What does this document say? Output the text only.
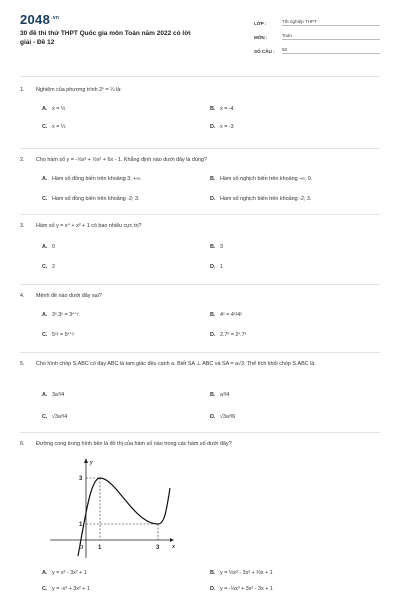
$2048^{.vn}$
30 đề thi thử THPT Quốc gia môn Toán năm 2022 có lời giải - Đề 12
LỚP :	Tốt nghiệp THPT
MÔN :	Toán
SỐ CÂU :	50
1.	Nghiệm của phương trình 2ˣ = ¼ là:
A. x = ½	B. x = -4
C. x = ¼	D. x = -3
2.	Cho hàm số y = -⅓x³ + ½x² + 6x - 1. Khẳng định nào dưới đây là đúng?
A. Hàm số đồng biến trên khoảng 3; +∞.	B. Hàm số nghịch biến trên khoảng -∞; 0.
C. Hàm số đồng biến trên khoảng -2; 3.	D. Hàm số nghịch biến trên khoảng -2; 3.
3.	Hàm số y = x⁴ + x² + 1 có bao nhiêu cực trị?
A. 0	B. 3
C. 2	D. 1
4.	Mệnh đề nào dưới đây sai?
A. 3ˣ.3ʸ = 3ˣ⁺ʸ.	B. 4ˣ = 4ˣ/4ʸ
C. 5ˣʸ = 5ˣ⁺ʸ	D. 2.7ˣ = 2ˣ.7ˣ
5.	Cho hình chóp S.ABC có đáy ABC là tam giác đều cạnh a. Biết SA ⊥ ABC và SA = a√3. Thể tích khối chóp S.ABC là:
A. 3a³/4	B. a³/4
C. √3a³/4	D. √3a³/6
6.	Đường cong trong hình bên là đồ thị của hàm số nào trong các hàm số dưới đây?
y
x
O 1	3
3
1
A. y = x³ - 3x² + 1	B. y = ⅓x³ - 3x² + ⅔x + 1
C. y = -x³ + 3x² + 1	D. y = -⅓x³ + 3x² - 3x + 1
